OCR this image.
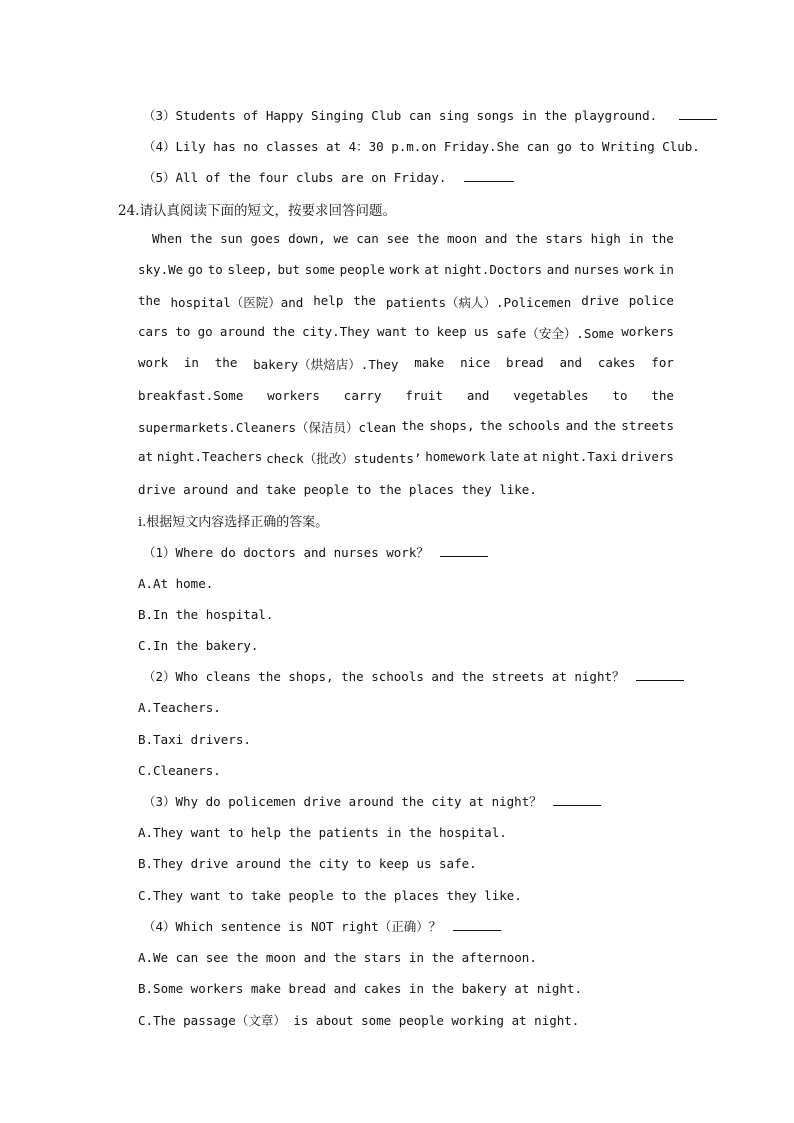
（3）Students of Happy Singing Club can sing songs in the playground.
（4）Lily has no classes at 4：30 p.m.on Friday.She can go to Writing Club.
（5）All of the four clubs are on Friday.
24.请认真阅读下面的短文，按要求回答问题。
When the sun goes down, we can see the moon and the stars high in the
sky.We go to sleep, but some people work at night.Doctors and nurses work in
the hospital（医院）and help the patients（病人）.Policemen drive police
cars to go around the city.They want to keep us safe（安全）.Some workers
work in the bakery（烘焙店）.They make nice bread and cakes for
breakfast.Some workers carry fruit and vegetables to the
supermarkets.Cleaners（保洁员）clean the shops, the schools and the streets
at night.Teachers check（批改）students’ homework late at night.Taxi drivers
drive around and take people to the places they like.
i.根据短文内容选择正确的答案。
（1）Where do doctors and nurses work？
A.At home.
B.In the hospital.
C.In the bakery.
（2）Who cleans the shops, the schools and the streets at night？
A.Teachers.
B.Taxi drivers.
C.Cleaners.
（3）Why do policemen drive around the city at night？
A.They want to help the patients in the hospital.
B.They drive around the city to keep us safe.
C.They want to take people to the places they like.
（4）Which sentence is NOT right（正确）？
A.We can see the moon and the stars in the afternoon.
B.Some workers make bread and cakes in the bakery at night.
C.The passage（文章） is about some people working at night.
